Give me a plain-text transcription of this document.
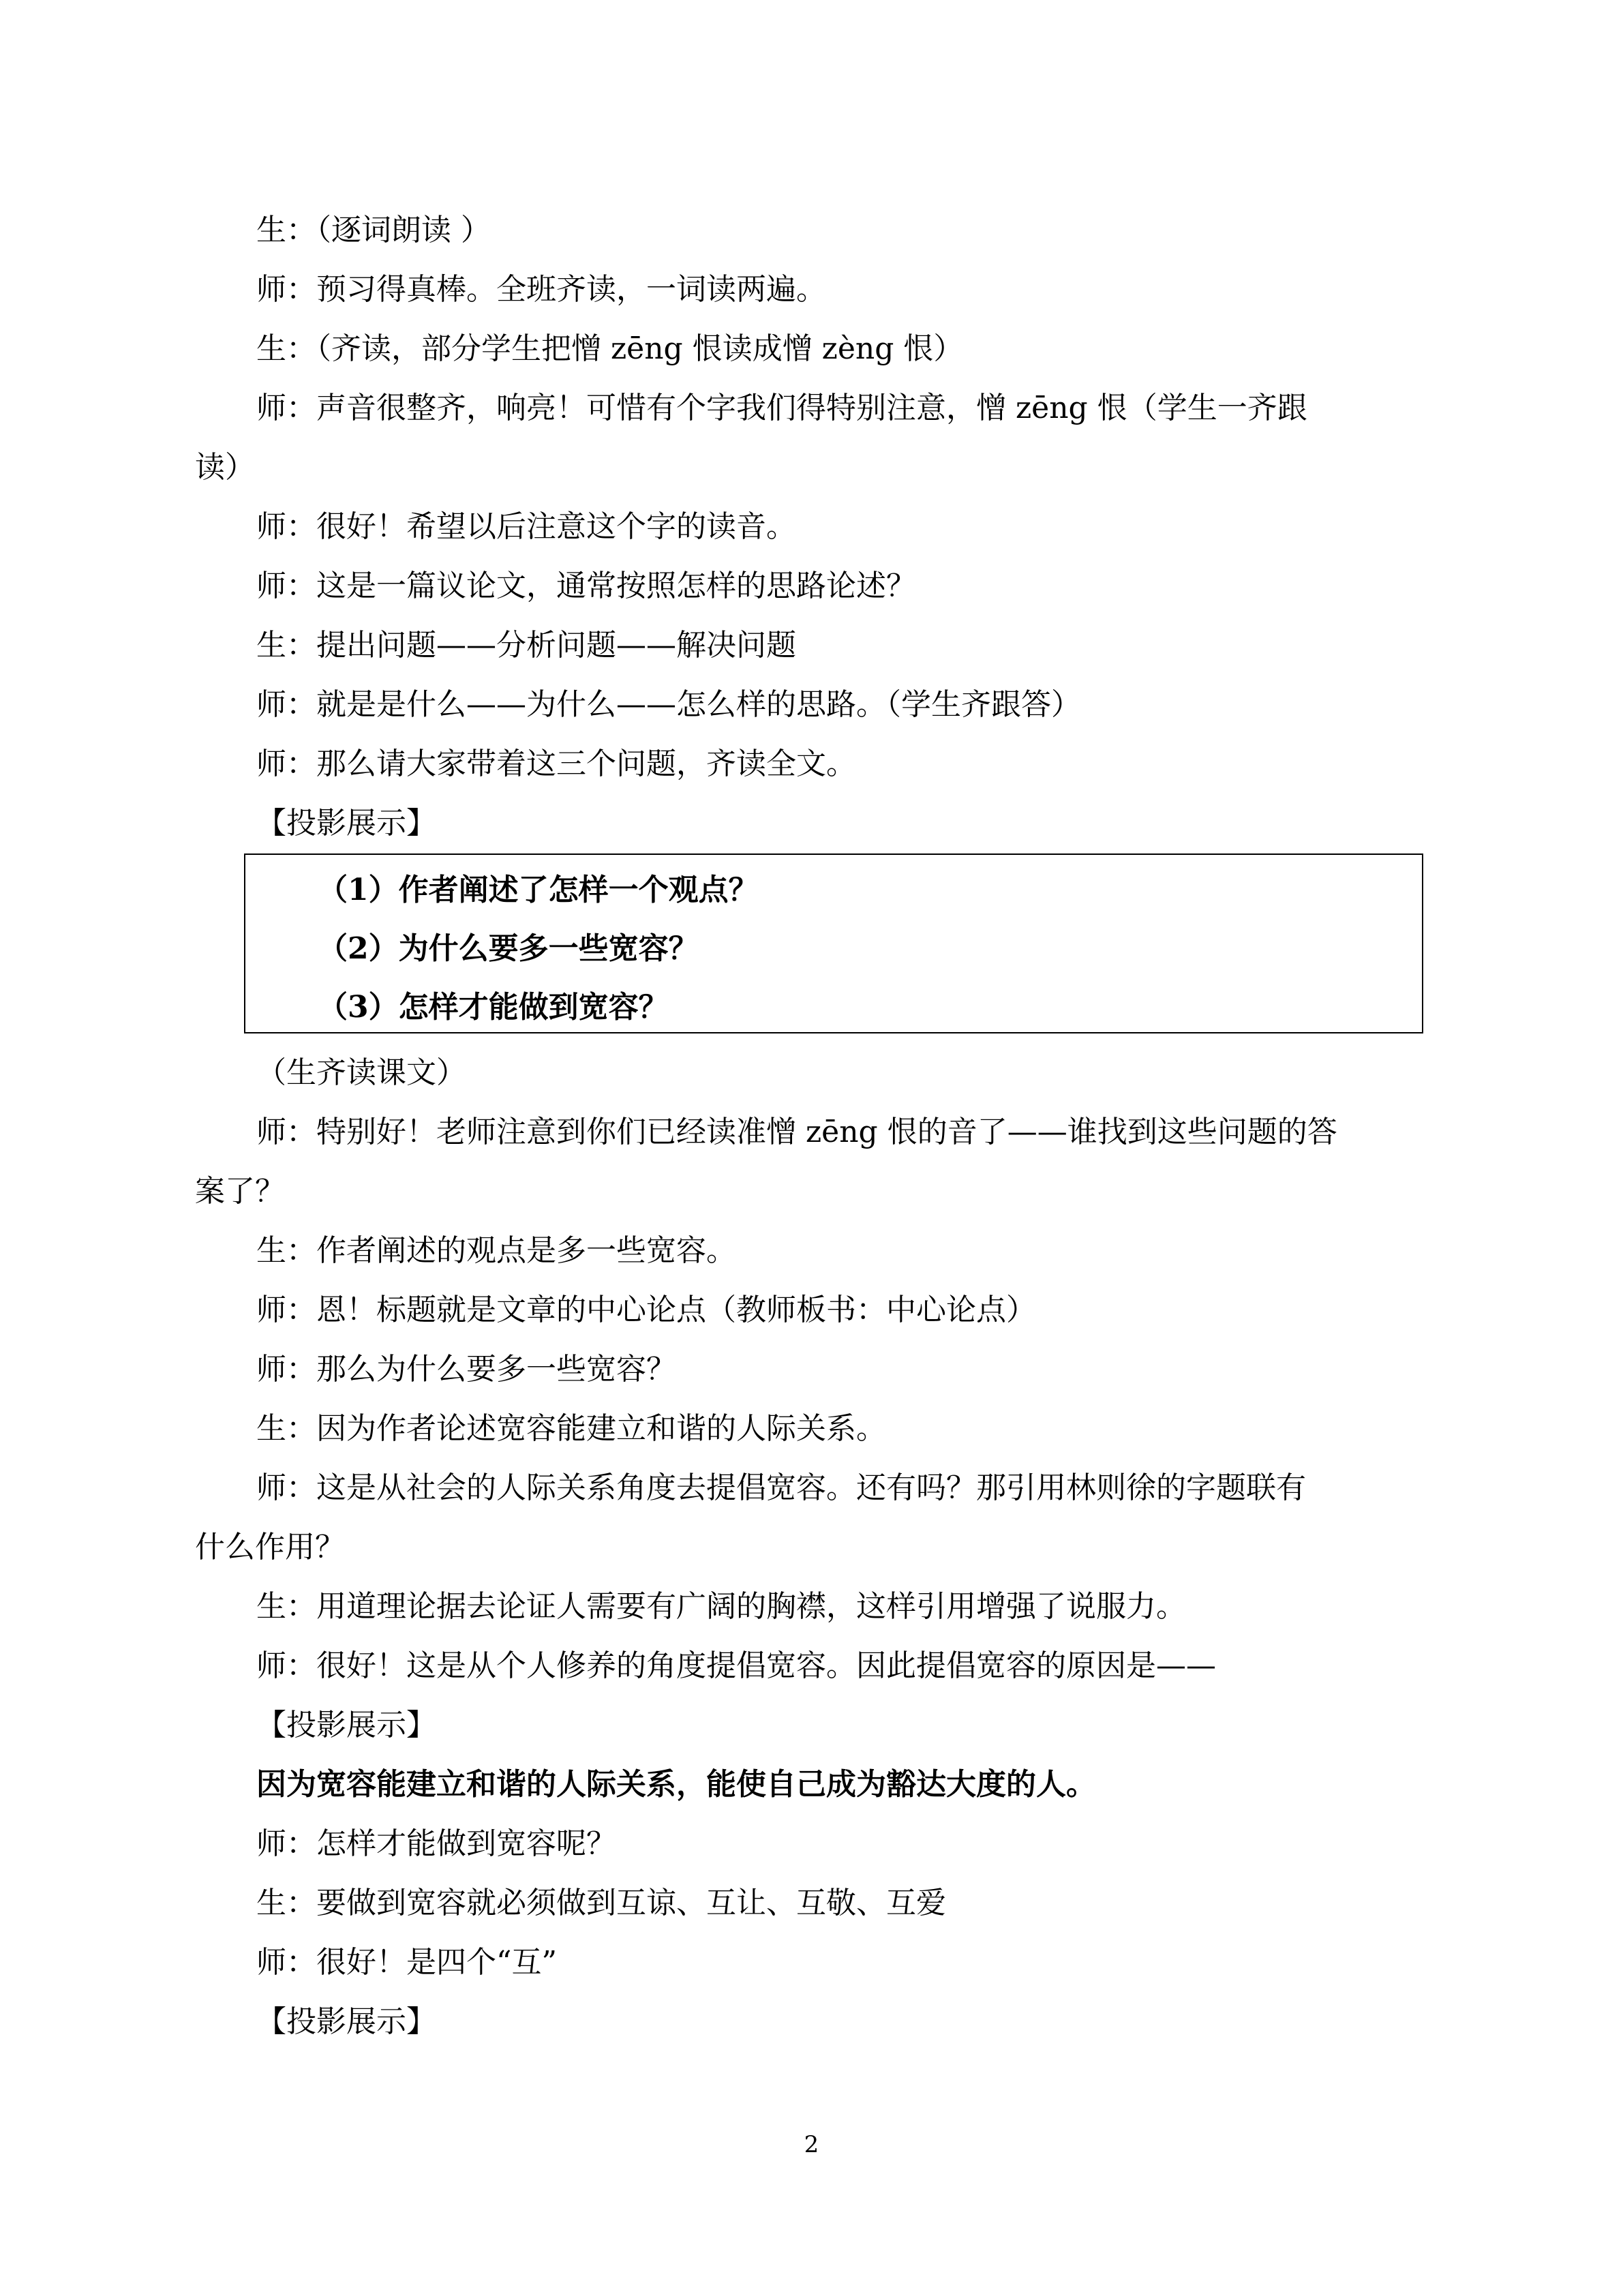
生：（逐词朗读 ）
师：预习得真棒。全班齐读，一词读两遍。
生：（齐读，部分学生把憎 zēng 恨读成憎 zèng 恨）
师：声音很整齐，响亮！可惜有个字我们得特别注意，憎 zēng 恨（学生一齐跟
读）
师：很好！希望以后注意这个字的读音。
师：这是一篇议论文，通常按照怎样的思路论述？
生：提出问题——分析问题——解决问题
师：就是是什么——为什么——怎么样的思路。（学生齐跟答）
师：那么请大家带着这三个问题，齐读全文。
【投影展示】
（1）作者阐述了怎样一个观点？
（2）为什么要多一些宽容？
（3）怎样才能做到宽容？
（生齐读课文）
师：特别好！老师注意到你们已经读准憎 zēng 恨的音了——谁找到这些问题的答
案了？
生：作者阐述的观点是多一些宽容。
师：恩！标题就是文章的中心论点（教师板书：中心论点）
师：那么为什么要多一些宽容？
生：因为作者论述宽容能建立和谐的人际关系。
师：这是从社会的人际关系角度去提倡宽容。还有吗？那引用林则徐的字题联有
什么作用？
生：用道理论据去论证人需要有广阔的胸襟，这样引用增强了说服力。
师：很好！这是从个人修养的角度提倡宽容。因此提倡宽容的原因是——
【投影展示】
因为宽容能建立和谐的人际关系，能使自己成为豁达大度的人。
师：怎样才能做到宽容呢？
生：要做到宽容就必须做到互谅、互让、互敬、互爱
师：很好！是四个“互”
【投影展示】
2
